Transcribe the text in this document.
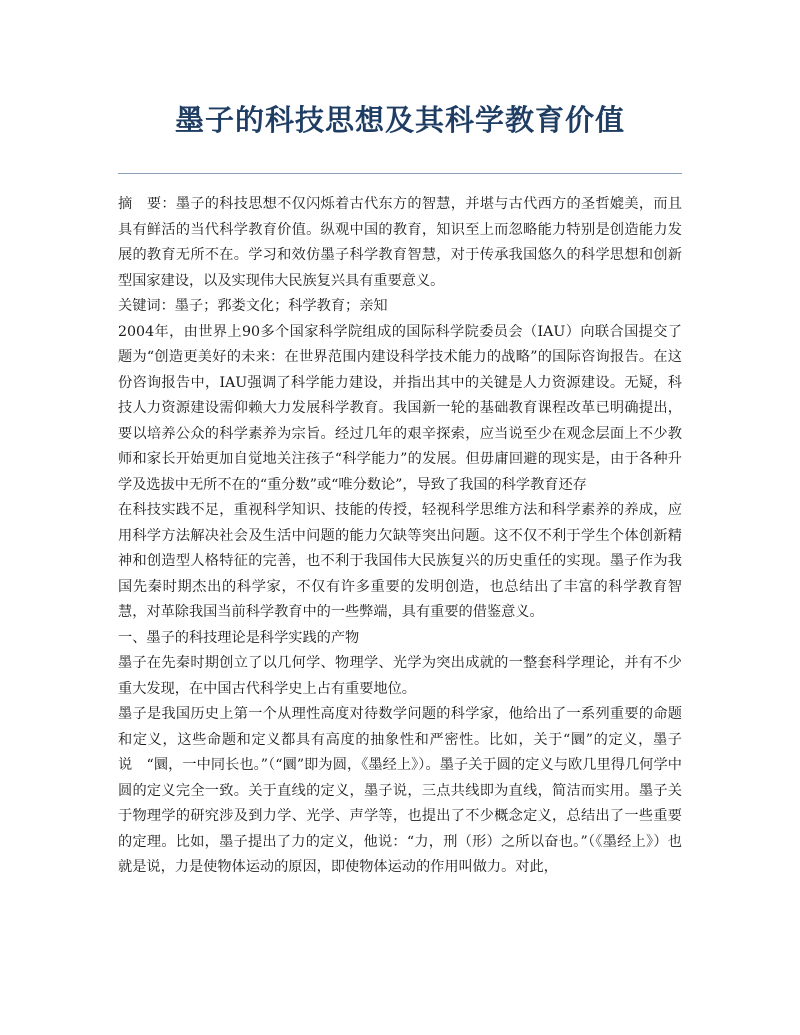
墨子的科技思想及其科学教育价值

摘　要：墨子的科技思想不仅闪烁着古代东方的智慧，并堪与古代西方的圣哲媲美，而且具有鲜活的当代科学教育价值。纵观中国的教育，知识至上而忽略能力特别是创造能力发展的教育无所不在。学习和效仿墨子科学教育智慧，对于传承我国悠久的科学思想和创新型国家建设，以及实现伟大民族复兴具有重要意义。

关键词：墨子；郛娄文化；科学教育；亲知

2004年，由世界上90多个国家科学院组成的国际科学院委员会（IAU）向联合国提交了题为“创造更美好的未来：在世界范围内建设科学技术能力的战略”的国际咨询报告。在这份咨询报告中，IAU强调了科学能力建设，并指出其中的关键是人力资源建设。无疑，科技人力资源建设需仰赖大力发展科学教育。我国新一轮的基础教育课程改革已明确提出，要以培养公众的科学素养为宗旨。经过几年的艰辛探索，应当说至少在观念层面上不少教师和家长开始更加自觉地关注孩子“科学能力”的发展。但毋庸回避的现实是，由于各种升学及选拔中无所不在的“重分数”或“唯分数论”，导致了我国的科学教育还存

在科技实践不足，重视科学知识、技能的传授，轻视科学思维方法和科学素养的养成，应用科学方法解决社会及生活中问题的能力欠缺等突出问题。这不仅不利于学生个体创新精神和创造型人格特征的完善，也不利于我国伟大民族复兴的历史重任的实现。墨子作为我国先秦时期杰出的科学家，不仅有许多重要的发明创造，也总结出了丰富的科学教育智慧，对革除我国当前科学教育中的一些弊端，具有重要的借鉴意义。

一、墨子的科技理论是科学实践的产物

墨子在先秦时期创立了以几何学、物理学、光学为突出成就的一整套科学理论，并有不少重大发现，在中国古代科学史上占有重要地位。

墨子是我国历史上第一个从理性高度对待数学问题的科学家，他给出了一系列重要的命题和定义，这些命题和定义都具有高度的抽象性和严密性。比如，关于“圜”的定义，墨子说　“圜，一中同长也。”（“圜”即为圆，《墨经上》）。墨子关于圆的定义与欧几里得几何学中圆的定义完全一致。关于直线的定义，墨子说，三点共线即为直线，简洁而实用。墨子关于物理学的研究涉及到力学、光学、声学等，也提出了不少概念定义，总结出了一些重要的定理。比如，墨子提出了力的定义，他说：“力，刑（形）之所以奋也。”（《墨经上》）也就是说，力是使物体运动的原因，即使物体运动的作用叫做力。对此，
